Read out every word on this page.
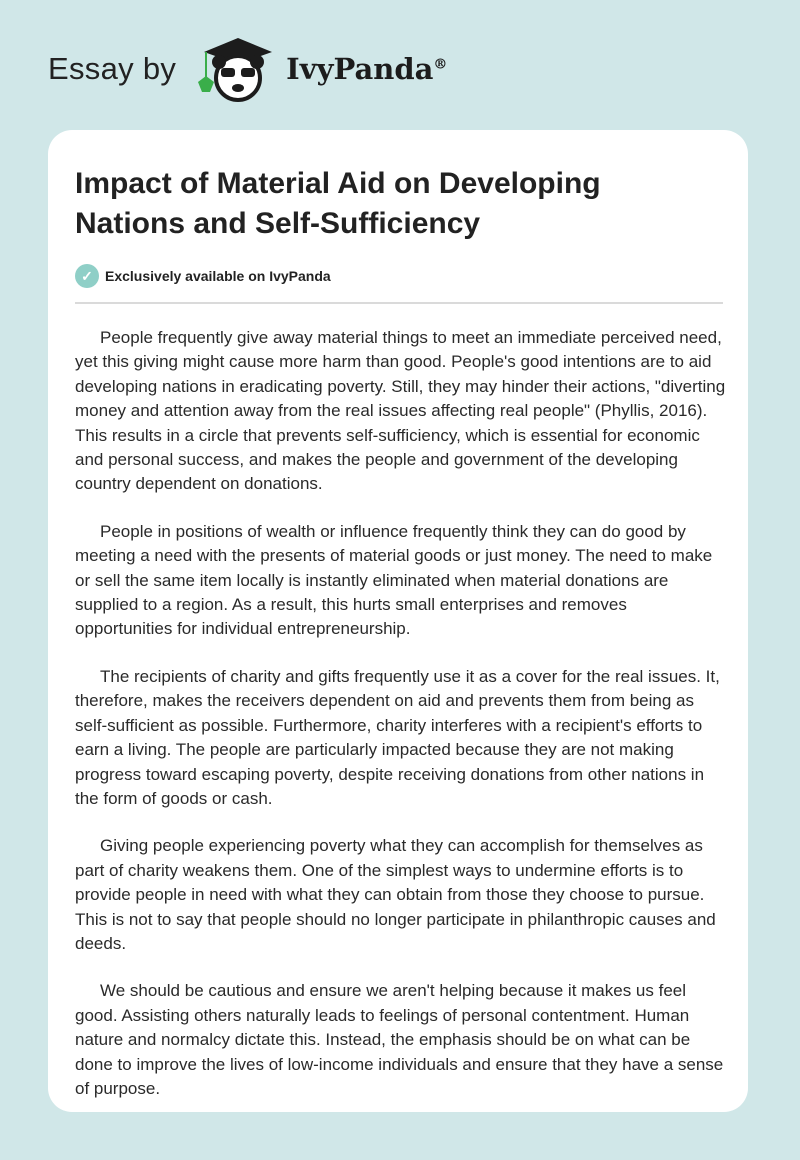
Essay by	IvyPanda®
Impact of Material Aid on Developing Nations and Self-Sufficiency
✓ Exclusively available on IvyPanda

People frequently give away material things to meet an immediate perceived need, yet this giving might cause more harm than good. People's good intentions are to aid developing nations in eradicating poverty. Still, they may hinder their actions, "diverting money and attention away from the real issues affecting real people" (Phyllis, 2016). This results in a circle that prevents self-sufficiency, which is essential for economic and personal success, and makes the people and government of the developing country dependent on donations.

People in positions of wealth or influence frequently think they can do good by meeting a need with the presents of material goods or just money. The need to make or sell the same item locally is instantly eliminated when material donations are supplied to a region. As a result, this hurts small enterprises and removes opportunities for individual entrepreneurship.

The recipients of charity and gifts frequently use it as a cover for the real issues. It, therefore, makes the receivers dependent on aid and prevents them from being as self-sufficient as possible. Furthermore, charity interferes with a recipient's efforts to earn a living. The people are particularly impacted because they are not making progress toward escaping poverty, despite receiving donations from other nations in the form of goods or cash.

Giving people experiencing poverty what they can accomplish for themselves as part of charity weakens them. One of the simplest ways to undermine efforts is to provide people in need with what they can obtain from those they choose to pursue. This is not to say that people should no longer participate in philanthropic causes and deeds.

We should be cautious and ensure we aren't helping because it makes us feel good. Assisting others naturally leads to feelings of personal contentment. Human nature and normalcy dictate this. Instead, the emphasis should be on what can be done to improve the lives of low-income individuals and ensure that they have a sense of purpose.
